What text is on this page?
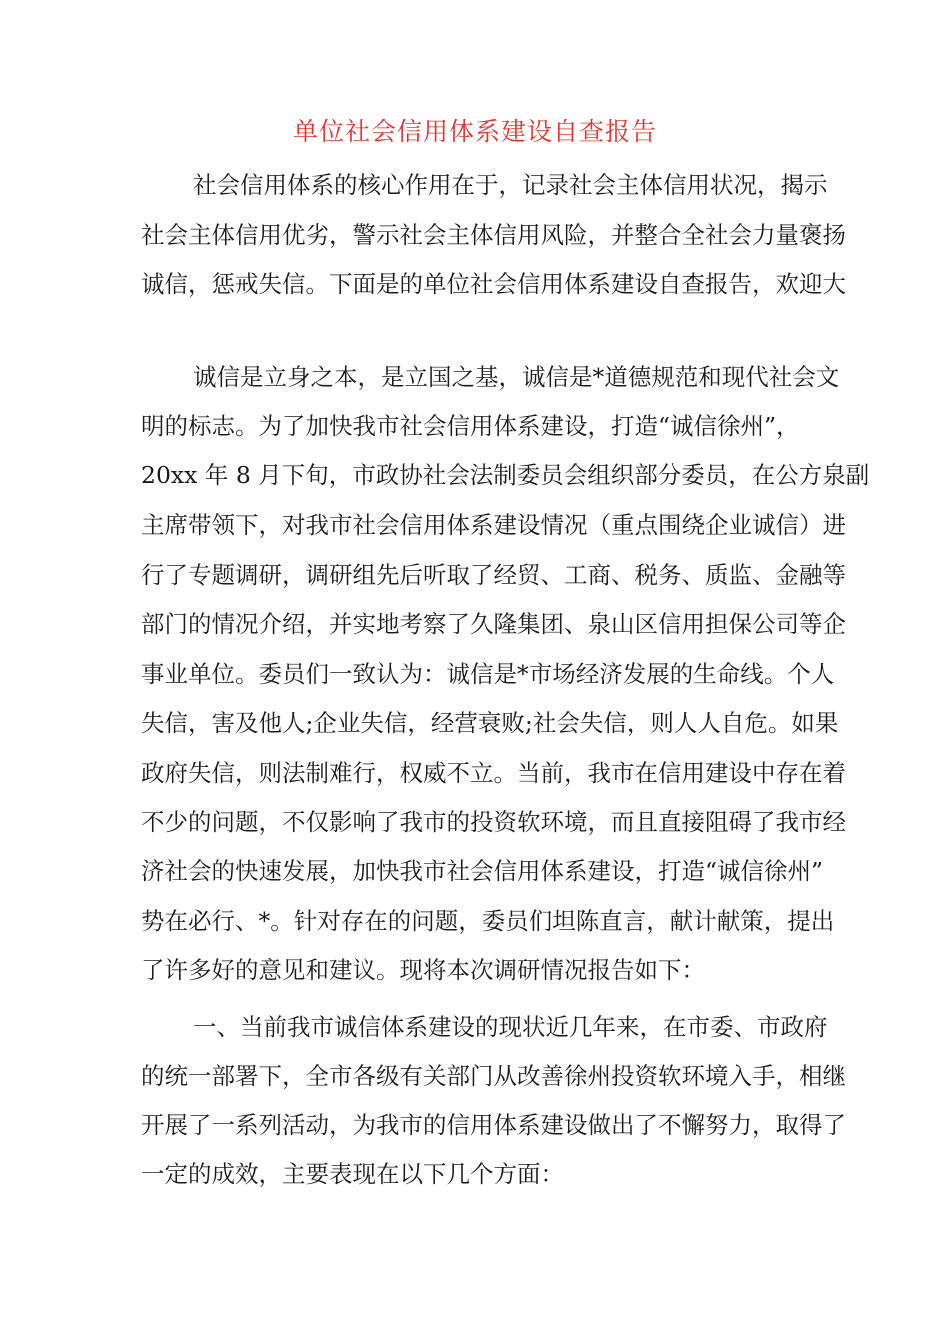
单位社会信用体系建设自查报告

社会信用体系的核心作用在于，记录社会主体信用状况，揭示

社会主体信用优劣，警示社会主体信用风险，并整合全社会力量褒扬

诚信，惩戒失信。下面是的单位社会信用体系建设自查报告，欢迎大

诚信是立身之本，是立国之基，诚信是*道德规范和现代社会文

明的标志。为了加快我市社会信用体系建设，打造“诚信徐州”，

20xx 年 8 月下旬，市政协社会法制委员会组织部分委员，在公方泉副

主席带领下，对我市社会信用体系建设情况（重点围绕企业诚信）进

行了专题调研，调研组先后听取了经贸、工商、税务、质监、金融等

部门的情况介绍，并实地考察了久隆集团、泉山区信用担保公司等企

事业单位。委员们一致认为：诚信是*市场经济发展的生命线。个人

失信，害及他人;企业失信，经营衰败;社会失信，则人人自危。如果

政府失信，则法制难行，权威不立。当前，我市在信用建设中存在着

不少的问题，不仅影响了我市的投资软环境，而且直接阻碍了我市经

济社会的快速发展，加快我市社会信用体系建设，打造“诚信徐州”

势在必行、*。针对存在的问题，委员们坦陈直言，献计献策，提出

了许多好的意见和建议。现将本次调研情况报告如下：

一、当前我市诚信体系建设的现状近几年来，在市委、市政府

的统一部署下，全市各级有关部门从改善徐州投资软环境入手，相继

开展了一系列活动，为我市的信用体系建设做出了不懈努力，取得了

一定的成效，主要表现在以下几个方面：
